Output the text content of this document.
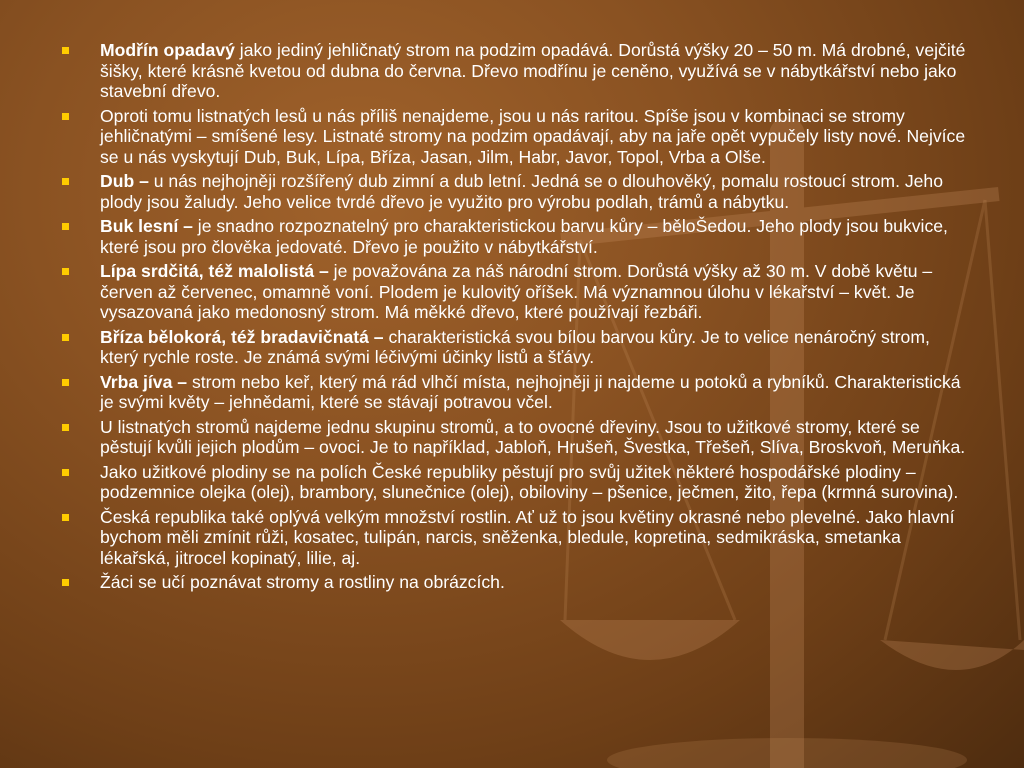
Modřín opadavý jako jediný jehličnatý strom na podzim opadává. Dorůstá výšky 20 – 50 m. Má drobné, vejčité šišky, které krásně kvetou od dubna do června. Dřevo modřínu je ceněno, využívá se v nábytkářství nebo jako stavební dřevo.
Oproti tomu listnatých lesů u nás příliš nenajdeme, jsou u nás raritou. Spíše jsou v kombinaci se stromy jehličnatými – smíšené lesy. Listnaté stromy na podzim opadávají, aby na jaře opět vypučely listy nové. Nejvíce se u nás vyskytují Dub, Buk, Lípa, Bříza, Jasan, Jilm, Habr, Javor, Topol, Vrba a Olše.
Dub – u nás nejhojněji rozšířený dub zimní a dub letní. Jedná se o dlouhověký, pomalu rostoucí strom. Jeho plody jsou žaludy. Jeho velice tvrdé dřevo je využito pro výrobu podlah, trámů a nábytku.
Buk lesní – je snadno rozpoznatelný pro charakteristickou barvu kůry – běloŠedou. Jeho plody jsou bukvice, které jsou pro člověka jedovaté. Dřevo je použito v nábytkářství.
Lípa srdčitá, též malolistá – je považována za náš národní strom. Dorůstá výšky až 30 m. V době květu – červen až červenec, omamně voní. Plodem je kulovitý oříšek. Má významnou úlohu v lékařství – květ. Je vysazovaná jako medonosný strom. Má měkké dřevo, které používají řezbáři.
Bříza bělokorá, též bradavičnatá – charakteristická svou bílou barvou kůry. Je to velice nenáročný strom, který rychle roste. Je známá svými léčivými účinky listů a šťávy.
Vrba jíva – strom nebo keř, který má rád vlhčí místa, nejhojněji ji najdeme u potoků a rybníků. Charakteristická je svými květy – jehnědami, které se stávají potravou včel.
U listnatých stromů najdeme jednu skupinu stromů, a to ovocné dřeviny. Jsou to užitkové stromy, které se pěstují kvůli jejich plodům – ovoci. Je to například, Jabloň, Hrušeň, Švestka, Třešeň, Slíva, Broskvoň, Meruňka.
Jako užitkové plodiny se na polích České republiky pěstují pro svůj užitek některé hospodářské plodiny – podzemnice olejka (olej), brambory, slunečnice (olej), obiloviny – pšenice, ječmen, žito, řepa (krmná surovina).
Česká republika také oplývá velkým množství rostlin. Ať už to jsou květiny okrasné nebo plevelné. Jako hlavní bychom měli zmínit růži, kosatec, tulipán, narcis, sněženka, bledule, kopretina, sedmikráska, smetanka lékařská, jitrocel kopinatý, lilie, aj.
Žáci se učí poznávat stromy a rostliny na obrázcích.
